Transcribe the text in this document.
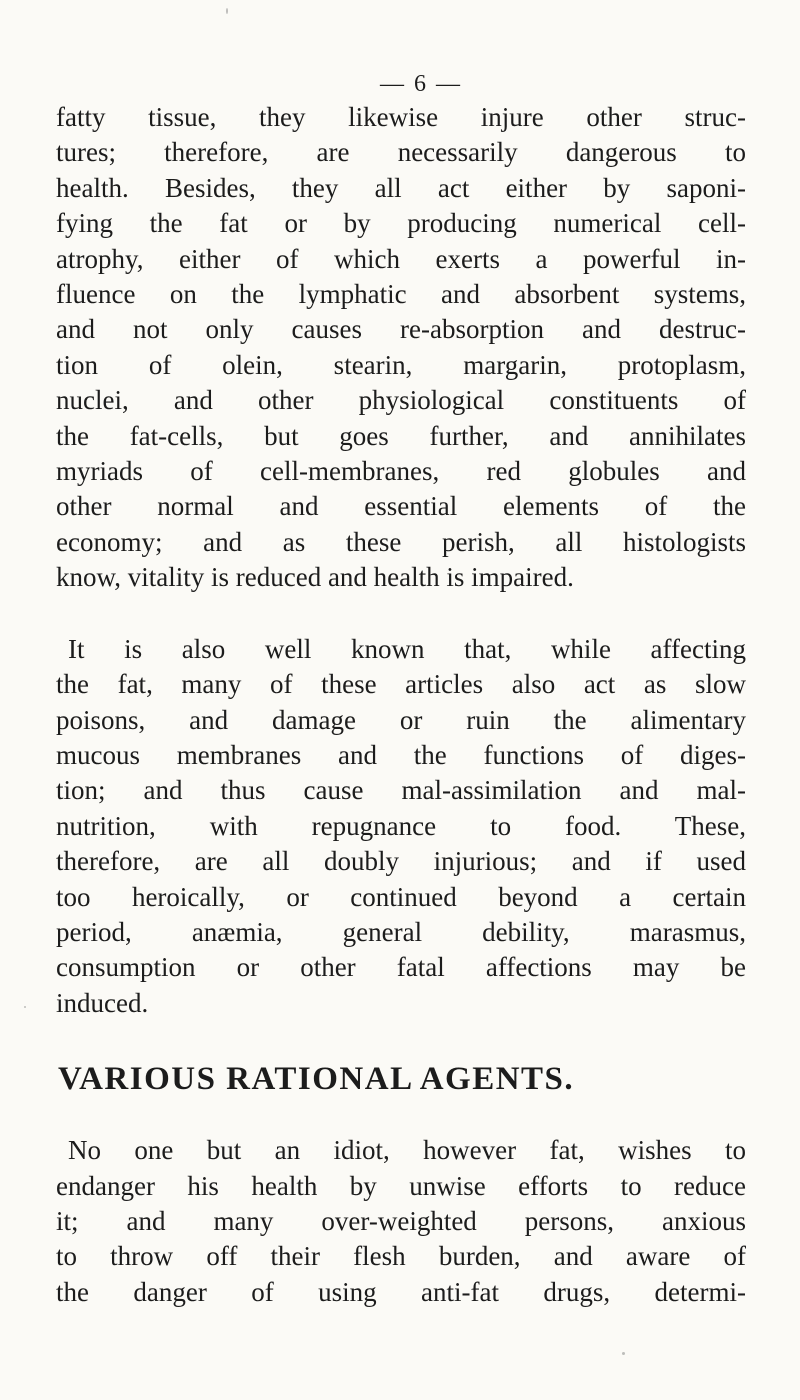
— 6 —

fatty tissue, they likewise injure other struc-
tures; therefore, are necessarily dangerous to
health. Besides, they all act either by saponi-
fying the fat or by producing numerical cell-
atrophy, either of which exerts a powerful in-
fluence on the lymphatic and absorbent systems,
and not only causes re-absorption and destruc-
tion of olein, stearin, margarin, protoplasm,
nuclei, and other physiological constituents of
the fat-cells, but goes further, and annihilates
myriads of cell-membranes, red globules and
other normal and essential elements of the
economy; and as these perish, all histologists
know, vitality is reduced and health is impaired.

It is also well known that, while affecting
the fat, many of these articles also act as slow
poisons, and damage or ruin the alimentary
mucous membranes and the functions of diges-
tion; and thus cause mal-assimilation and mal-
nutrition, with repugnance to food. These,
therefore, are all doubly injurious; and if used
too heroically, or continued beyond a certain
period, anæmia, general debility, marasmus,
consumption or other fatal affections may be
induced.

VARIOUS RATIONAL AGENTS.

No one but an idiot, however fat, wishes to
endanger his health by unwise efforts to reduce
it; and many over-weighted persons, anxious
to throw off their flesh burden, and aware of
the danger of using anti-fat drugs, determi-
